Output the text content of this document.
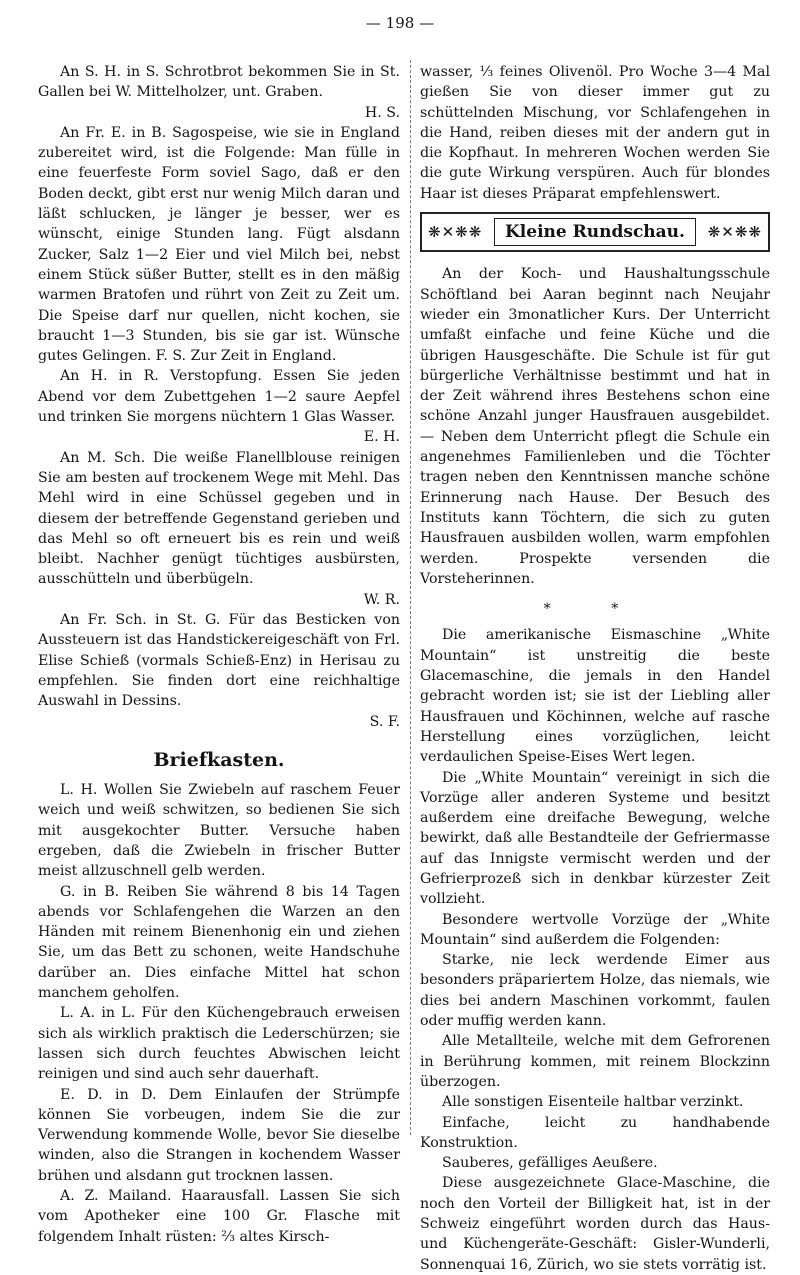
— 198 —

An S. H. in S. Schrotbrot bekommen Sie in St. Gallen bei W. Mittelholzer, unt. Graben.

H. S.

An Fr. E. in B. Sagospeise, wie sie in England zubereitet wird, ist die Folgende: Man fülle in eine feuerfeste Form soviel Sago, daß er den Boden deckt, gibt erst nur wenig Milch daran und läßt schlucken, je länger je besser, wer es wünscht, einige Stunden lang. Fügt alsdann Zucker, Salz 1—2 Eier und viel Milch bei, nebst einem Stück süßer Butter, stellt es in den mäßig warmen Bratofen und rührt von Zeit zu Zeit um. Die Speise darf nur quellen, nicht kochen, sie braucht 1—3 Stunden, bis sie gar ist. Wünsche gutes Gelingen. F. S. Zur Zeit in England.

An H. in R. Verstopfung. Essen Sie jeden Abend vor dem Zubettgehen 1—2 saure Aepfel und trinken Sie morgens nüchtern 1 Glas Wasser.

E. H.

An M. Sch. Die weiße Flanellblouse reinigen Sie am besten auf trockenem Wege mit Mehl. Das Mehl wird in eine Schüssel gegeben und in diesem der betreffende Gegenstand gerieben und das Mehl so oft erneuert bis es rein und weiß bleibt. Nachher genügt tüchtiges ausbürsten, ausschütteln und überbügeln.

W. R.

An Fr. Sch. in St. G. Für das Besticken von Aussteuern ist das Handstickereigeschäft von Frl. Elise Schieß (vormals Schieß-Enz) in Herisau zu empfehlen. Sie finden dort eine reichhaltige Auswahl in Dessins.

S. F.

Briefkasten.

L. H. Wollen Sie Zwiebeln auf raschem Feuer weich und weiß schwitzen, so bedienen Sie sich mit ausgekochter Butter. Versuche haben ergeben, daß die Zwiebeln in frischer Butter meist allzuschnell gelb werden.

G. in B. Reiben Sie während 8 bis 14 Tagen abends vor Schlafengehen die Warzen an den Händen mit reinem Bienenhonig ein und ziehen Sie, um das Bett zu schonen, weite Handschuhe darüber an. Dies einfache Mittel hat schon manchem geholfen.

L. A. in L. Für den Küchengebrauch erweisen sich als wirklich praktisch die Lederschürzen; sie lassen sich durch feuchtes Abwischen leicht reinigen und sind auch sehr dauerhaft.

E. D. in D. Dem Einlaufen der Strümpfe können Sie vorbeugen, indem Sie die zur Verwendung kommende Wolle, bevor Sie dieselbe winden, also die Strangen in kochendem Wasser brühen und alsdann gut trocknen lassen.

A. Z. Mailand. Haarausfall. Lassen Sie sich vom Apotheker eine 100 Gr. Flasche mit folgendem Inhalt rüsten: ⅔ altes Kirsch-

wasser, ⅓ feines Olivenöl. Pro Woche 3—4 Mal gießen Sie von dieser immer gut zu schüttelnden Mischung, vor Schlafengehen in die Hand, reiben dieses mit der andern gut in die Kopfhaut. In mehreren Wochen werden Sie die gute Wirkung verspüren. Auch für blondes Haar ist dieses Präparat empfehlenswert.

❋✕❋❋	Kleine Rundschau.	❋✕❋❋

An der Koch- und Haushaltungsschule Schöftland bei Aaran beginnt nach Neujahr wieder ein 3monatlicher Kurs. Der Unterricht umfaßt einfache und feine Küche und die übrigen Hausgeschäfte. Die Schule ist für gut bürgerliche Verhältnisse bestimmt und hat in der Zeit während ihres Bestehens schon eine schöne Anzahl junger Hausfrauen ausgebildet. — Neben dem Unterricht pflegt die Schule ein angenehmes Familienleben und die Töchter tragen neben den Kenntnissen manche schöne Erinnerung nach Hause. Der Besuch des Instituts kann Töchtern, die sich zu guten Hausfrauen ausbilden wollen, warm empfohlen werden. Prospekte versenden die Vorsteherinnen.

* *

Die amerikanische Eismaschine „White Mountain“ ist unstreitig die beste Glacemaschine, die jemals in den Handel gebracht worden ist; sie ist der Liebling aller Hausfrauen und Köchinnen, welche auf rasche Herstellung eines vorzüglichen, leicht verdaulichen Speise-Eises Wert legen.

Die „White Mountain“ vereinigt in sich die Vorzüge aller anderen Systeme und besitzt außerdem eine dreifache Bewegung, welche bewirkt, daß alle Bestandteile der Gefriermasse auf das Innigste vermischt werden und der Gefrierprozeß sich in denkbar kürzester Zeit vollzieht.

Besondere wertvolle Vorzüge der „White Mountain“ sind außerdem die Folgenden:

Starke, nie leck werdende Eimer aus besonders präpariertem Holze, das niemals, wie dies bei andern Maschinen vorkommt, faulen oder muffig werden kann.

Alle Metallteile, welche mit dem Gefrorenen in Berührung kommen, mit reinem Blockzinn überzogen.

Alle sonstigen Eisenteile haltbar verzinkt.

Einfache, leicht zu handhabende Konstruktion.

Sauberes, gefälliges Aeußere.

Diese ausgezeichnete Glace-Maschine, die noch den Vorteil der Billigkeit hat, ist in der Schweiz eingeführt worden durch das Haus- und Küchengeräte-Geschäft: Gisler-Wunderli, Sonnenquai 16, Zürich, wo sie stets vorrätig ist.
